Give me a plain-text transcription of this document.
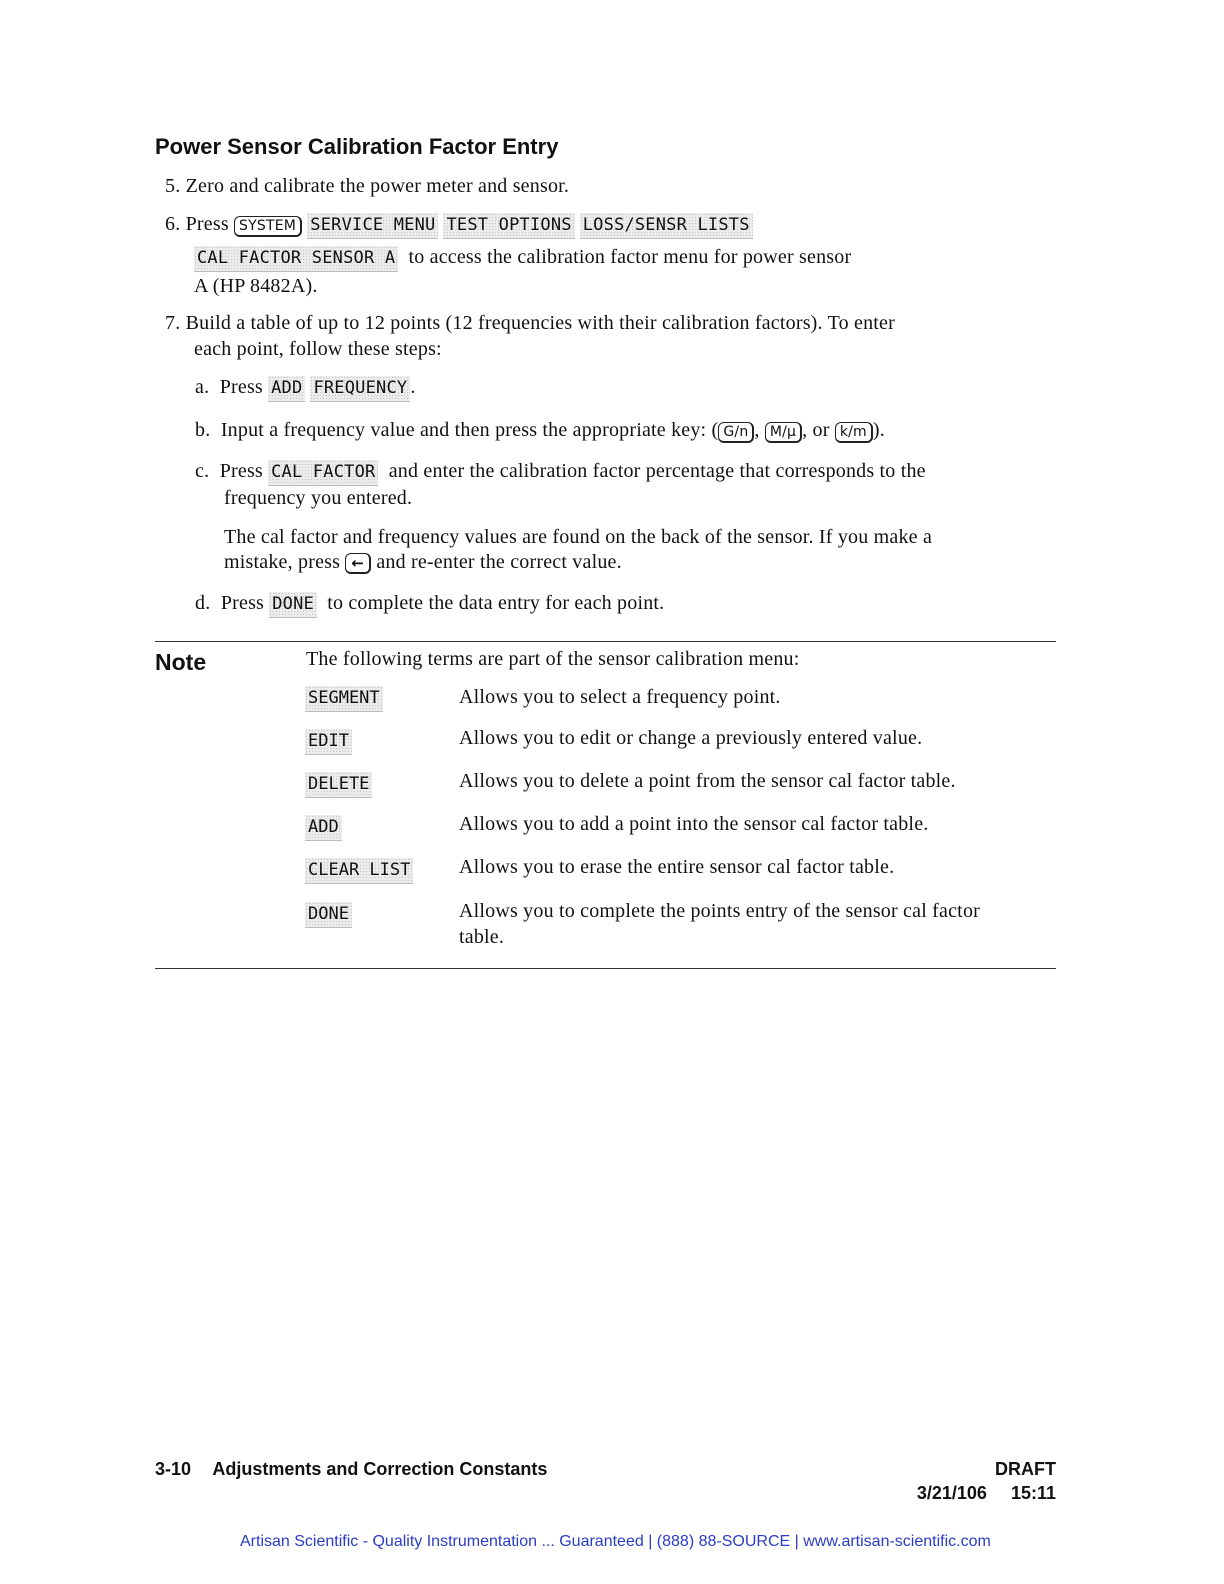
Power Sensor Calibration Factor Entry
5. Zero and calibrate the power meter and sensor.
6. Press SYSTEM SERVICE MENU TEST OPTIONS LOSS/SENSR LISTS
CAL FACTOR SENSOR A to access the calibration factor menu for power sensor
A (HP 8482A).
7. Build a table of up to 12 points (12 frequencies with their calibration factors). To enter
each point, follow these steps:
a. Press ADD FREQUENCY .
b. Input a frequency value and then press the appropriate key: ( G/n , M/μ , or k/m ).
c. Press CAL FACTOR and enter the calibration factor percentage that corresponds to the
frequency you entered.
The cal factor and frequency values are found on the back of the sensor. If you make a
mistake, press ← and re-enter the correct value.
d. Press DONE to complete the data entry for each point.
Note	The following terms are part of the sensor calibration menu:
SEGMENT	Allows you to select a frequency point.
EDIT	Allows you to edit or change a previously entered value.
DELETE	Allows you to delete a point from the sensor cal factor table.
ADD	Allows you to add a point into the sensor cal factor table.
CLEAR LIST	Allows you to erase the entire sensor cal factor table.
DONE	Allows you to complete the points entry of the sensor cal factor table.
3-10 Adjustments and Correction Constants	DRAFT
3/21/106 15:11
Artisan Scientific - Quality Instrumentation ... Guaranteed | (888) 88-SOURCE | www.artisan-scientific.com
